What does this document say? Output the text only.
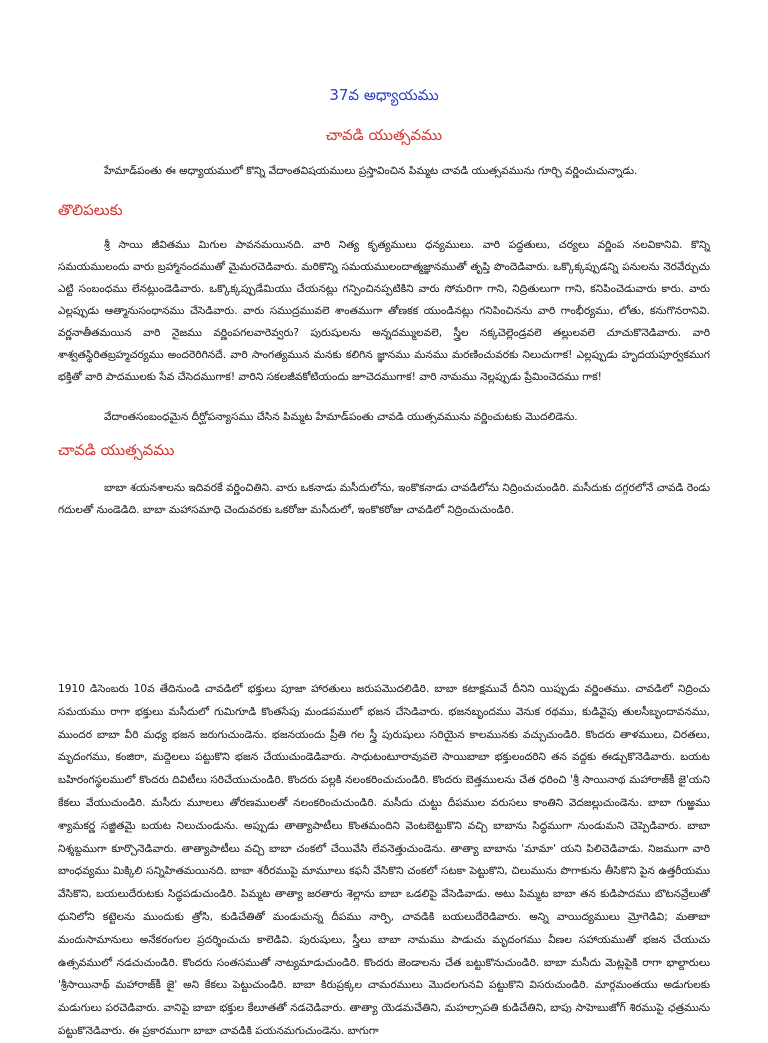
37వ అధ్యాయము
చావడి యుత్సవము
హేమాడ్‌పంతు ఈ అధ్యాయములో కొన్ని వేదాంతవిషయములు ప్రస్తావించిన పిమ్మట చావడి యుత్సవమును గూర్చి వర్ణించుచున్నాడు.
తొలిపలుకు
శ్రీ సాయి జీవితము మిగుల పావనమయినది. వారి నిత్య కృత్యములు ధన్యములు. వారి పద్ధతులు, చర్యలు వర్ణింప నలవికానివి. కొన్ని సమయములందు వారు బ్రహ్మానందముతో మైమరచెడివారు. మరికొన్ని సమయములందాత్మజ్ఞానముతో తృప్తి పొందెడివారు. ఒక్కొక్కప్పుడన్ని పనులను నెరవేర్చుచు ఎట్టి సంబంధము లేనట్లుండెడివారు. ఒక్కొక్కప్పుడేమియు చేయనట్లు గన్పించినప్పటికిని వారు సోమరిగా గాని, నిద్రితులుగా గాని, కనిపించెడువారు కారు. వారు ఎల్లప్పుడు ఆత్మానుసంధానము చేసెడివారు. వారు సముద్రమువలె శాంతముగా తోణకక యుండినట్లు గనిపించినను వారి గాంభీర్యము, లోతు, కనుగొనరానివి. వర్ణనాతీతమయిన వారి నైజము వర్ణింపగలవారెవ్వరు? పురుషులను అన్నదమ్ములవలె, స్త్రీల నక్కచెల్లెండ్రవలె తల్లులవలె చూచుకొనెడివారు. వారి శాశ్వతస్థిరితబ్రహ్మచర్యము అందరెరిగినదే. వారి సాంగత్యమున మనకు కలిగిన జ్ఞానము మనము మరణించువరకు నిలుచుగాక! ఎల్లప్పుడు హృదయపూర్వకముగ భక్తితో వారి పాదములకు సేవ చేసెదముగాక! వారిని సకలజీవకోటియందు జూచెదముగాక! వారి నామము నెల్లప్పుడు ప్రేమించెదము గాక!
వేదాంతసంబంధమైన దీర్ఘోపన్యాసము చేసిన పిమ్మట హేమాడ్‌పంతు చావడి యుత్సవమును వర్ణించుటకు మొదలిడెను.
చావడి యుత్సవము
బాబా శయనశాలను ఇదివరకే వర్ణించితిని. వారు ఒకనాడు మసీదులోను, ఇంకొకనాడు చావడిలోను నిద్రించుచుండిరి. మసీదుకు దగ్గరలోనే చావడి రెండు గదులతో నుండెడిది. బాబా మహాసమాధి చెందువరకు ఒకరోజు మసీదులో, ఇంకొకరోజు చావడిలో నిద్రించుచుండిరి.
1910 డిసెంబరు 10వ తేదినుండి చావడిలో భక్తులు పూజా హారతులు జరుపమొదలిడిరి. బాబా కటాక్షమువే దీనిని యిప్పుడు వర్ణింతము. చావడిలో నిద్రించు సమయము రాగా భక్తులు మసీదులో గుమిగూడి కొంతసేపు మండపములో భజన చేసెడివారు. భజనబృందము వెనుక రథము, కుడివైపు తులసీబృందావనము, ముందర బాబా వీరి మధ్య భజన జరుగుచుండెను. భజనయందు ప్రీతి గల స్త్రీ పురుషులు సరియైన కాలమునకు వచ్చుచుండిరి. కొందరు తాళములు, చిరతలు, మృదంగము, కంజిరా, మద్దెలలు పట్టుకొని భజన చేయుచుండెడివారు. సాధుటంటూరావువలె సాయిబాబా భక్తులందరిని తన వద్దకు ఈడ్చుకొనెడివారు. బయట బహిరంగస్థలములో కొందరు దివిటీలు సరిచేయుచుండిరి. కొందరు పల్లకి నలంకరించుచుండిరి. కొందరు బెత్తములను చేత ధరించి 'శ్రీ సాయినాథ మహారాజ్‌కీ జై'యని కేకలు వేయుచుండిరి. మసీదు మూలలు తోరణములతో నలంకరించుచుండిరి. మసీదు చుట్టు దీపముల వరుసలు కాంతిని వెదజల్లుచుండెను. బాబా గుఱ్ఱము శ్యామకర్ణ సజ్జితమై బయట నిలుచుండును. అప్పుడు తాత్యాపాటీలు కొంతమందిని వెంటబెట్టుకొని వచ్చి బాబాను సిద్ధముగా నుండుమని చెప్పెడివారు. బాబా నిశ్శబ్దముగా కూర్చొనెడివారు. తాత్యాపాటీలు వచ్చి బాబా చంకలో చేయివేసి లేవనెత్తుచుండెను. తాత్యా బాబాను 'మామా' యని పిలిచెడివాడు. నిజముగా వారి బాంధవ్యము మిక్కిలి సన్నిహితమయినది. బాబా శరీరముపై మామూలు కఫనీ వేసికొని చంకలో సటకా పెట్టుకొని, చిలుమును పొగాకును తీసికొని పైన ఉత్తరీయము వేసికొని, బయలుదేరుటకు సిద్ధపడుచుండిరి. పిమ్మట తాత్యా జరతారు శెల్లాను బాబా ఒడలిపై వేసెడివాడు. అటు పిమ్మట బాబా తన కుడిపాదము బొటనవ్రేలుతో ధునిలోని కట్టెలను ముందుకు త్రోసి, కుడిచేతితో మండుచున్న దీపము నార్పి, చావడికి బయలుదేరెడివారు. అన్ని వాయిద్యములు మ్రోగెడివి; మతాబా మందుసామానులు అనేకరంగుల ప్రదర్శించుచు కాలెడివి. పురుషులు, స్త్రీలు బాబా నామము పాడుచు మృదంగము వీణల సహాయముతో భజన చేయుచు ఉత్సవములో నడచుచుండిరి. కొందరు సంతసముతో నాట్యమాడుచుండిరి. కొందరు జెండాలను చేత బట్టుకొనుచుండిరి. బాబా మసీదు మెట్లపైకి రాగా భాల్దారులు 'శ్రీసాయినాథ్ మహారాజ్‌కీ జై' అని కేకలు పెట్టుచుండిరి. బాబా కిరుప్రక్కల చామరములు మొదలగునవి పట్టుకొని విసరుచుండిరి. మార్గమంతయు అడుగులకు మడుగులు పరచెడివారు. వానిపై బాబా భక్తుల కేలూతతో నడచెడివారు. తాత్యా యెడమచేతిని, మహల్సాపతి కుడిచేతిని, బాపు సాహెబుజోగ్ శిరముపై ఛత్రమును పట్టుకొనెడివారు. ఈ ప్రకారముగా బాబా చావడికి పయనమగుచుండెను. బాగుగా
